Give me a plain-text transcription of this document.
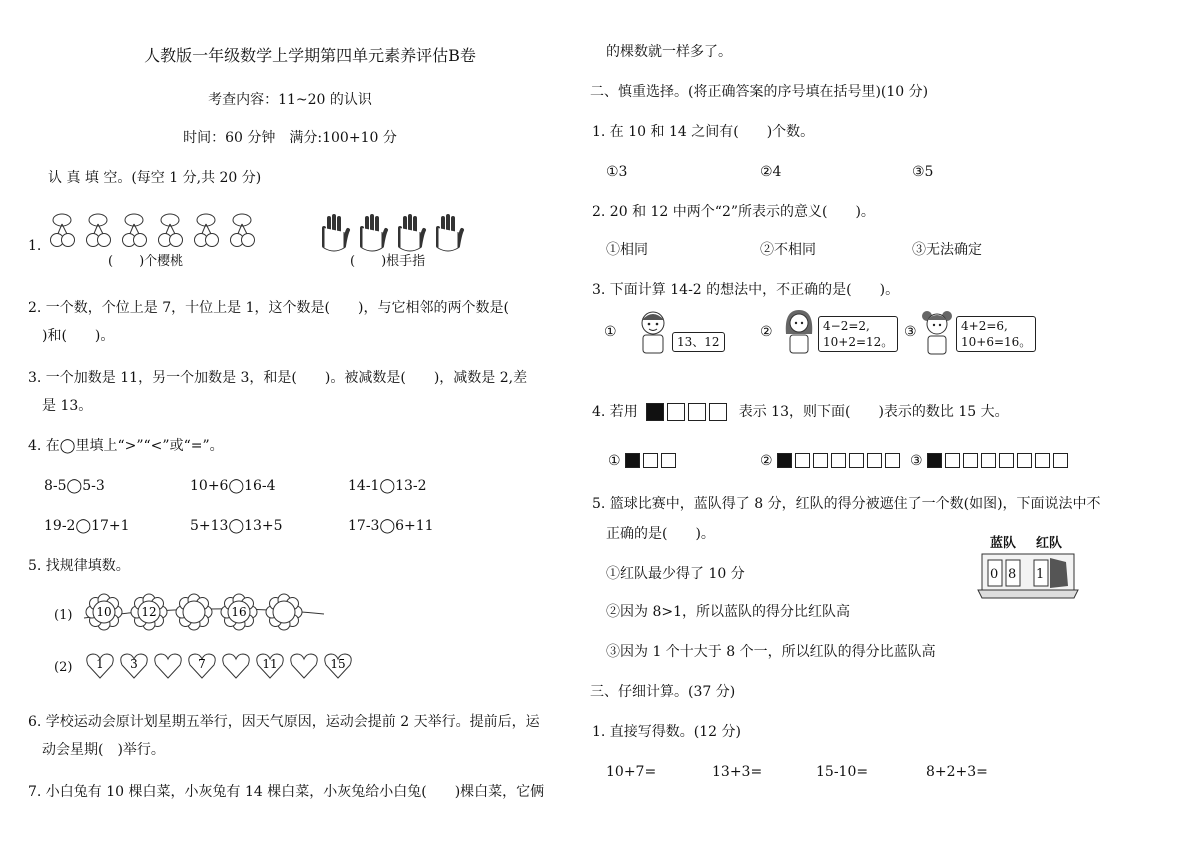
人教版一年级数学上学期第四单元素养评估B卷
考查内容：11~20 的认识
时间：60 分钟　满分:100+10 分
认 真 填 空。(每空 1 分,共 20 分)
1.
(　　)个樱桃	(　　)根手指
2. 一个数，个位上是 7，十位上是 1，这个数是(　　)，与它相邻的两个数是(
)和(　　)。
3. 一个加数是 11，另一个加数是 3，和是(　　)。被减数是(　　)，减数是 2,差
是 13。
4. 在◯里填上“>”“<”或“=”。
8-5◯5-3	10+6◯16-4	14-1◯13-2
19-2◯17+1	5+13◯13+5	17-3◯6+11
5. 找规律填数。
(1) 10 12	16
(2) 1 3	7	11	15
6. 学校运动会原计划星期五举行，因天气原因，运动会提前 2 天举行。提前后，运
动会星期(　)举行。
7. 小白兔有 10 棵白菜，小灰兔有 14 棵白菜，小灰兔给小白兔(　　)棵白菜，它俩
的棵数就一样多了。
二、慎重选择。(将正确答案的序号填在括号里)(10 分)
1. 在 10 和 14 之间有(　　)个数。
①3	②4	③5
2. 20 和 12 中两个“2”所表示的意义(　　)。
①相同	②不相同	③无法确定
3. 下面计算 14-2 的想法中，不正确的是(　　)。
①
13、12
②	4−2=2,
10+2=12。
③	4+2=6,
10+6=16。
4. 若用	表示 13，则下面(　　)表示的数比 15 大。
①	②	③
5. 篮球比赛中，蓝队得了 8 分，红队的得分被遮住了一个数(如图)，下面说法中不
正确的是(　　)。
①红队最少得了 10 分
②因为 8>1，所以蓝队的得分比红队高
③因为 1 个十大于 8 个一，所以红队的得分比蓝队高
蓝队 红队
0 8 1
三、仔细计算。(37 分)
1. 直接写得数。(12 分)
10+7=	13+3=	15-10=	8+2+3=
